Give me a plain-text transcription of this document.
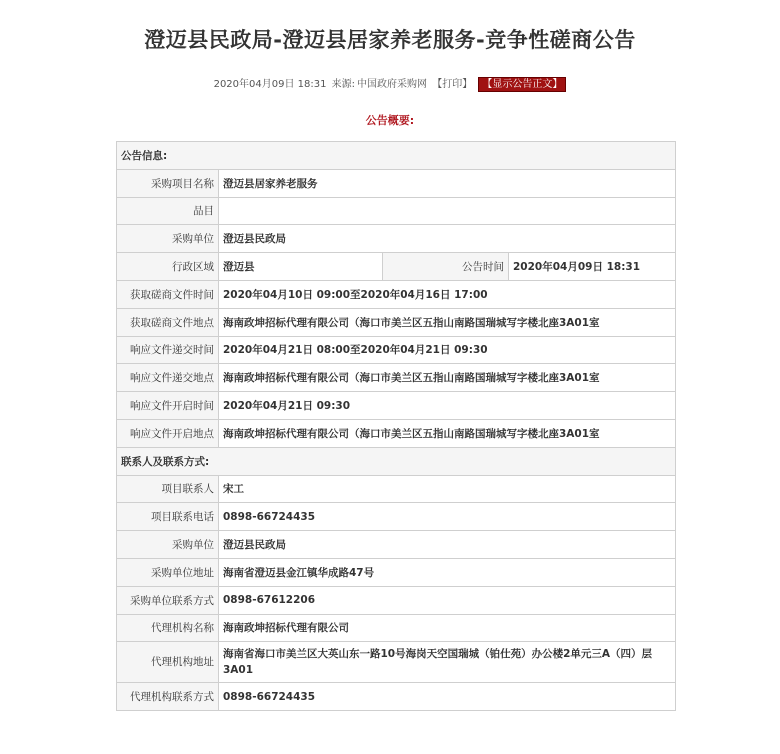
澄迈县民政局-澄迈县居家养老服务-竞争性磋商公告
2020年04月09日 18:31 来源: 中国政府采购网 【打印】 【显示公告正文】
公告概要:
公告信息:			
采购项目名称	澄迈县居家养老服务		
品目			
采购单位	澄迈县民政局		
行政区域	澄迈县	公告时间	2020年04月09日 18:31
获取磋商文件时间	2020年04月10日 09:00至2020年04月16日 17:00		
获取磋商文件地点	海南政坤招标代理有限公司（海口市美兰区五指山南路国瑞城写字楼北座3A01室		
响应文件递交时间	2020年04月21日 08:00至2020年04月21日 09:30		
响应文件递交地点	海南政坤招标代理有限公司（海口市美兰区五指山南路国瑞城写字楼北座3A01室		
响应文件开启时间	2020年04月21日 09:30		
响应文件开启地点	海南政坤招标代理有限公司（海口市美兰区五指山南路国瑞城写字楼北座3A01室		
联系人及联系方式:			
项目联系人	宋工		
项目联系电话	0898-66724435		
采购单位	澄迈县民政局		
采购单位地址	海南省澄迈县金江镇华成路47号		
采购单位联系方式	0898-67612206		
代理机构名称	海南政坤招标代理有限公司		
代理机构地址	海南省海口市美兰区大英山东一路10号海岗天空国瑞城（铂仕苑）办公楼2单元三A（四）层3A01		
代理机构联系方式	0898-66724435		
